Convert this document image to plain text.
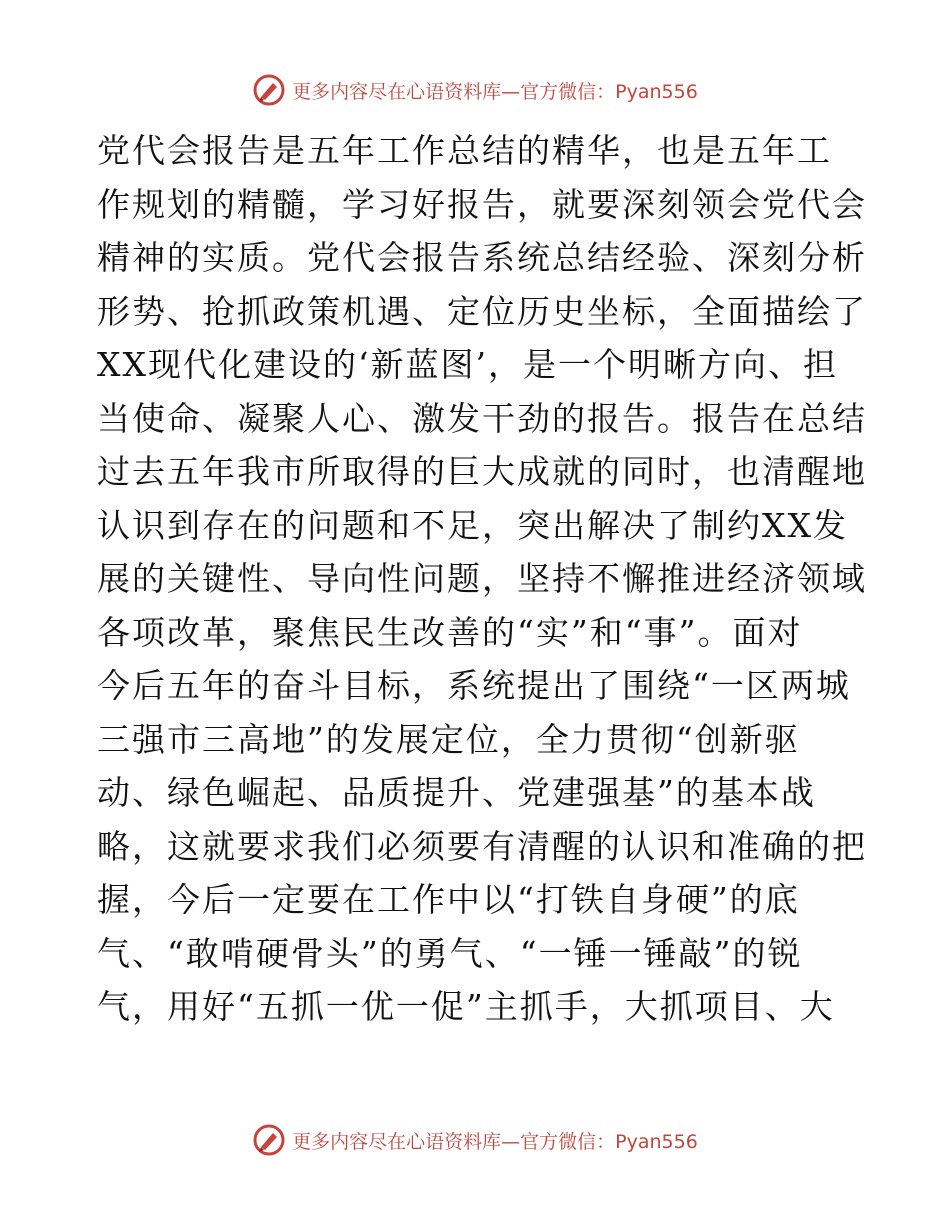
更多内容尽在心语资料库—官方微信：Pyan556
党代会报告是五年工作总结的精华，也是五年工
作规划的精髓，学习好报告，就要深刻领会党代会
精神的实质。党代会报告系统总结经验、深刻分析
形势、抢抓政策机遇、定位历史坐标，全面描绘了
XX现代化建设的‘新蓝图’，是一个明晰方向、担
当使命、凝聚人心、激发干劲的报告。报告在总结
过去五年我市所取得的巨大成就的同时，也清醒地
认识到存在的问题和不足，突出解决了制约XX发
展的关键性、导向性问题，坚持不懈推进经济领域
各项改革，聚焦民生改善的“实”和“事”。面对
今后五年的奋斗目标，系统提出了围绕“一区两城
三强市三高地”的发展定位，全力贯彻“创新驱
动、绿色崛起、品质提升、党建强基”的基本战
略，这就要求我们必须要有清醒的认识和准确的把
握，今后一定要在工作中以“打铁自身硬”的底
气、“敢啃硬骨头”的勇气、“一锤一锤敲”的锐
气，用好“五抓一优一促”主抓手，大抓项目、大
更多内容尽在心语资料库—官方微信：Pyan556
